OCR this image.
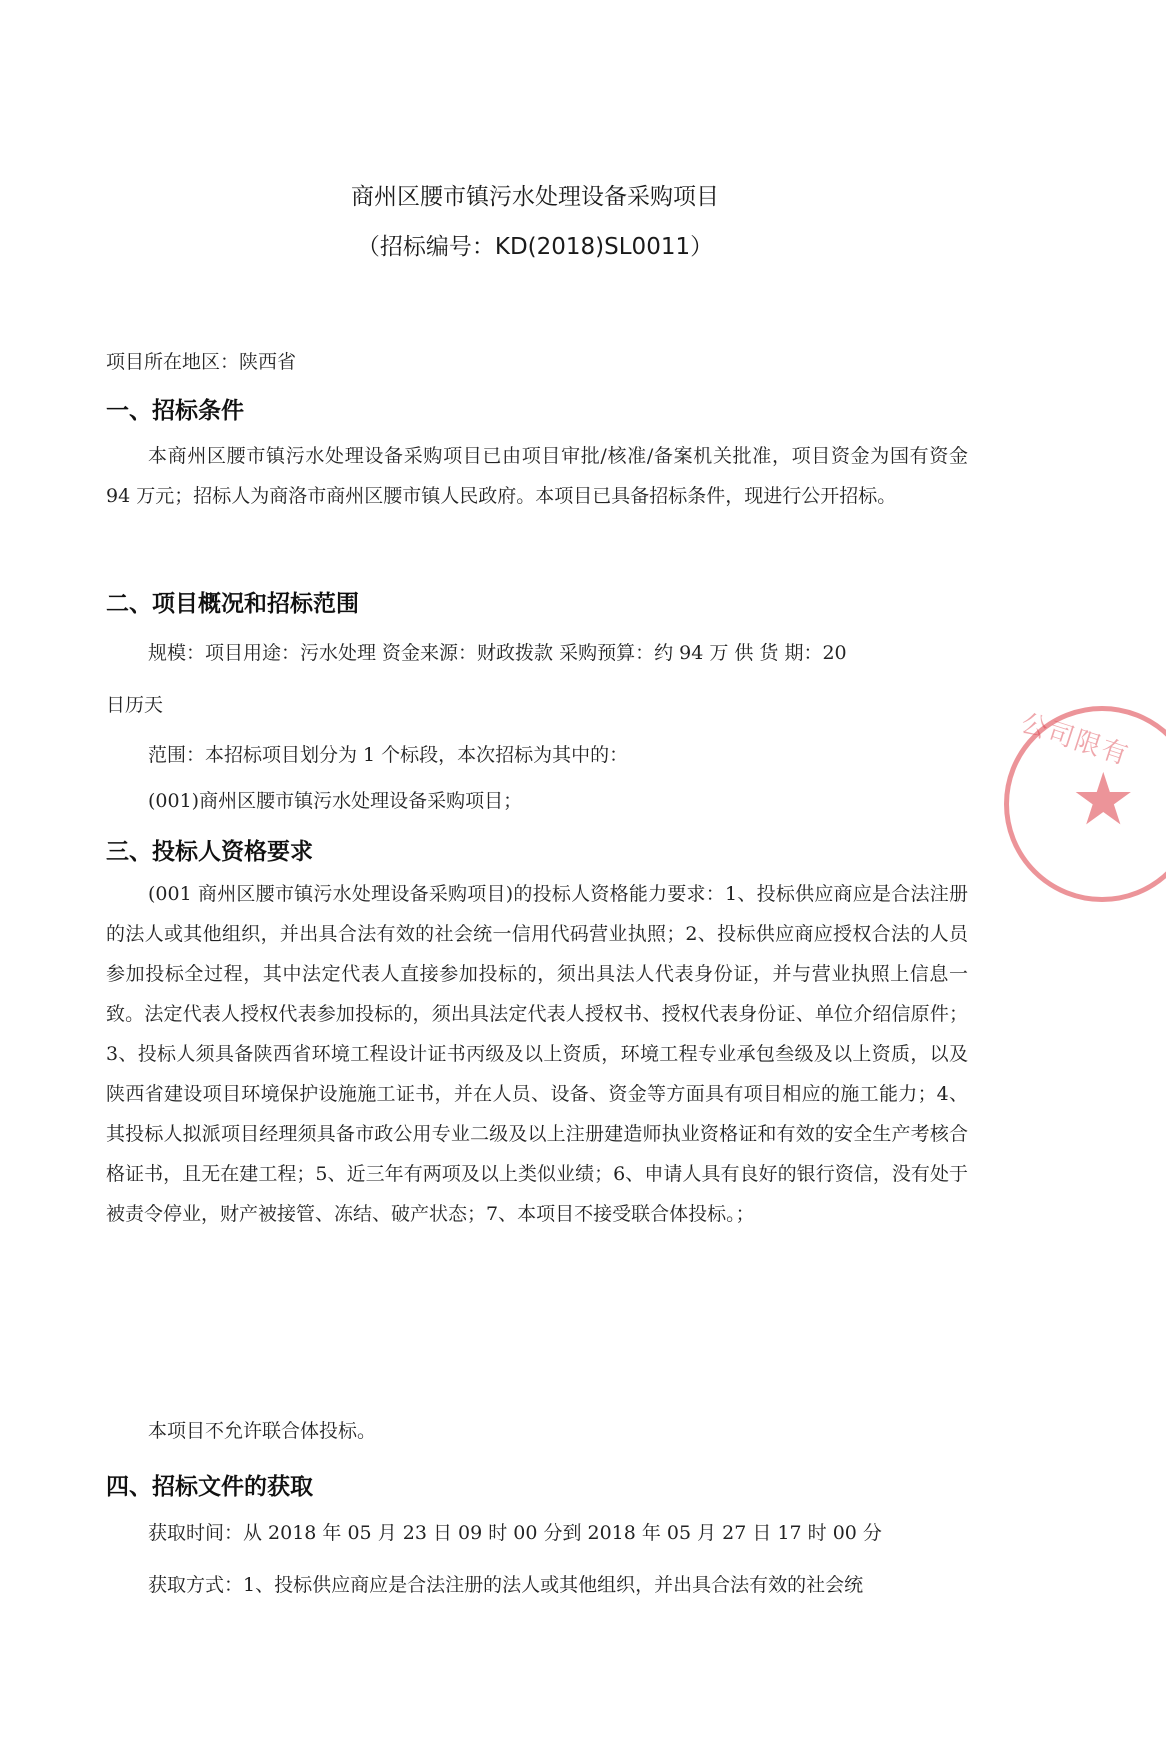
商州区腰市镇污水处理设备采购项目
（招标编号：KD(2018)SL0011）
项目所在地区：陕西省
一、招标条件
本商州区腰市镇污水处理设备采购项目已由项目审批/核准/备案机关批准，项目资金为国有资金 94 万元；招标人为商洛市商州区腰市镇人民政府。本项目已具备招标条件，现进行公开招标。
二、项目概况和招标范围
规模：项目用途：污水处理 资金来源：财政拨款 采购预算：约 94 万 供 货 期：20
日历天
范围：本招标项目划分为 1 个标段，本次招标为其中的：
(001)商州区腰市镇污水处理设备采购项目；
三、投标人资格要求
(001 商州区腰市镇污水处理设备采购项目)的投标人资格能力要求：1、投标供应商应是合法注册的法人或其他组织，并出具合法有效的社会统一信用代码营业执照；2、投标供应商应授权合法的人员参加投标全过程，其中法定代表人直接参加投标的，须出具法人代表身份证，并与营业执照上信息一致。法定代表人授权代表参加投标的，须出具法定代表人授权书、授权代表身份证、单位介绍信原件；3、投标人须具备陕西省环境工程设计证书丙级及以上资质，环境工程专业承包叁级及以上资质，以及陕西省建设项目环境保护设施施工证书，并在人员、设备、资金等方面具有项目相应的施工能力；4、其投标人拟派项目经理须具备市政公用专业二级及以上注册建造师执业资格证和有效的安全生产考核合格证书，且无在建工程；5、近三年有两项及以上类似业绩；6、申请人具有良好的银行资信，没有处于被责令停业，财产被接管、冻结、破产状态；7、本项目不接受联合体投标。；
本项目不允许联合体投标。
四、招标文件的获取
获取时间：从 2018 年 05 月 23 日 09 时 00 分到 2018 年 05 月 27 日 17 时 00 分
获取方式：1、投标供应商应是合法注册的法人或其他组织，并出具合法有效的社会统
公司限有
★
